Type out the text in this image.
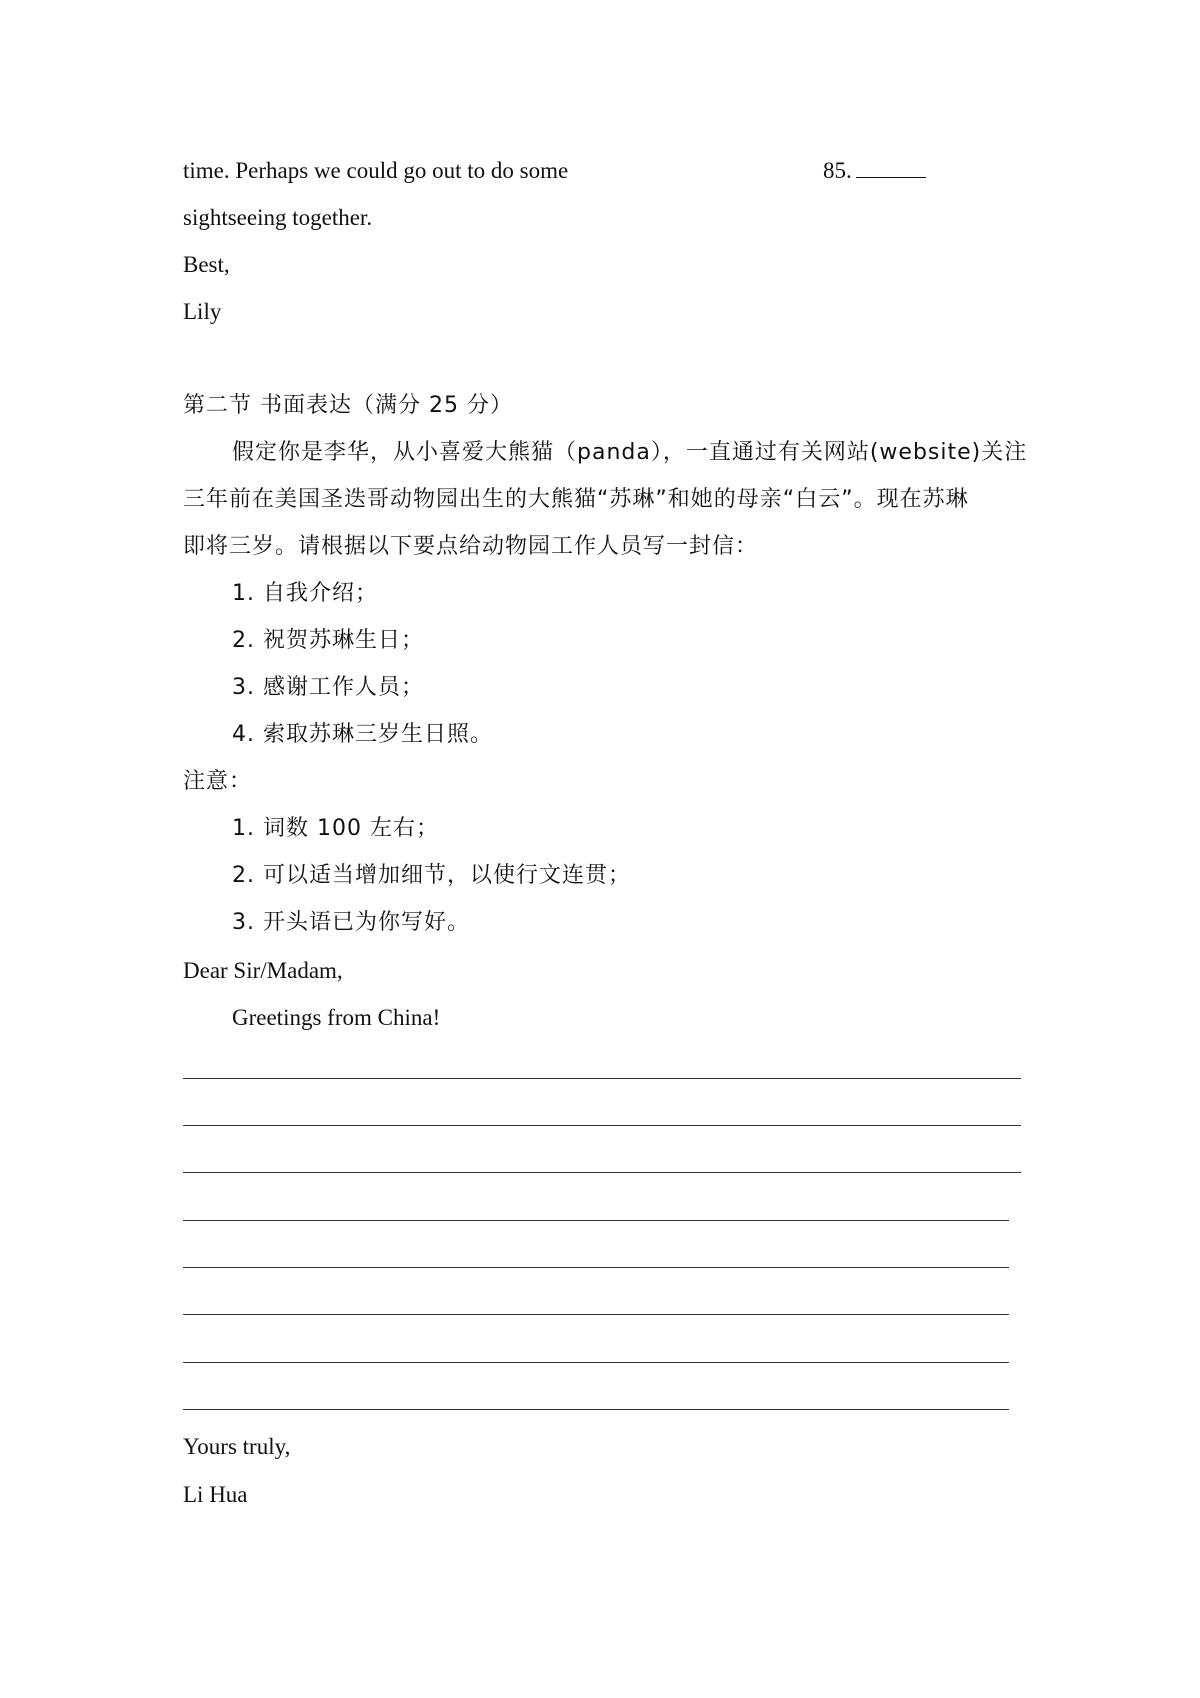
time. Perhaps we could go out to do some	85.
sightseeing together.
Best,
Lily
第二节 书面表达（满分 25 分）
假定你是李华，从小喜爱大熊猫（panda），一直通过有关网站(website)关注
三年前在美国圣迭哥动物园出生的大熊猫“苏琳”和她的母亲“白云”。现在苏琳
即将三岁。请根据以下要点给动物园工作人员写一封信：
1. 自我介绍；
2. 祝贺苏琳生日；
3. 感谢工作人员；
4. 索取苏琳三岁生日照。
注意：
1. 词数 100 左右；
2. 可以适当增加细节，以使行文连贯；
3. 开头语已为你写好。
Dear Sir/Madam,
Greetings from China!
Yours truly,
Li Hua
